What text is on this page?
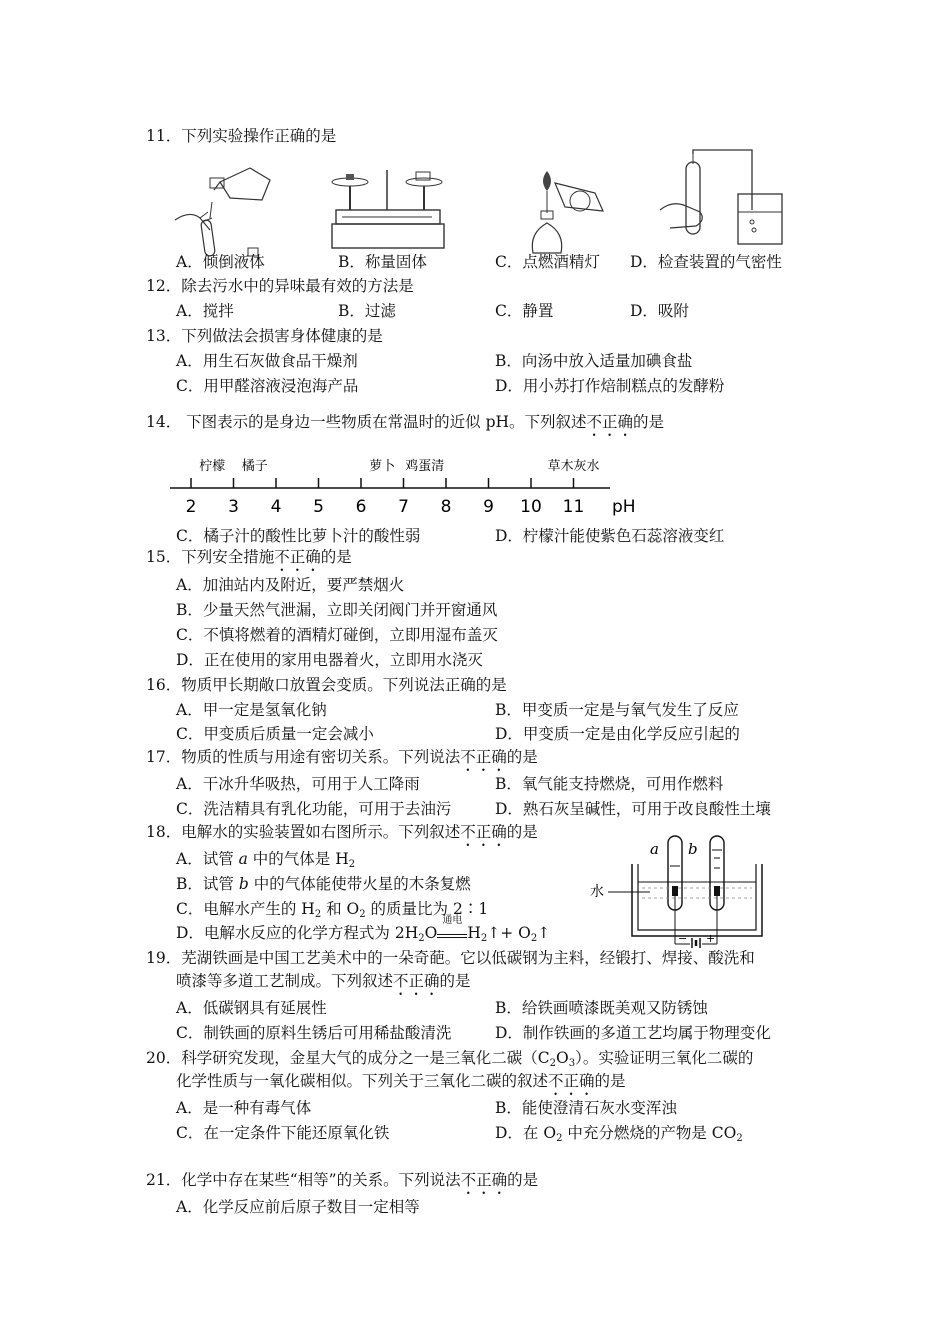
11．下列实验操作正确的是
A．倾倒液体	B．称量固体	C．点燃酒精灯 D．检查装置的气密性
12．除去污水中的异味最有效的方法是
A．搅拌	B．过滤	C．静置	D．吸附
13．下列做法会损害身体健康的是
A．用生石灰做食品干燥剂	B．向汤中放入适量加碘食盐
C．用甲醛溶液浸泡海产品	D．用小苏打作焙制糕点的发酵粉
14． 下图表示的是身边一些物质在常温时的近似 pH。下列叙述不正确的是
2 3 4 5 6 7 8 9 10 11
柠檬 橘子	萝卜 鸡蛋清	草木灰水
pH
C．橘子汁的酸性比萝卜汁的酸性弱	D．柠檬汁能使紫色石蕊溶液变红
15．下列安全措施不正确的是
A．加油站内及附近，要严禁烟火
B．少量天然气泄漏，立即关闭阀门并开窗通风
C．不慎将燃着的酒精灯碰倒，立即用湿布盖灭
D．正在使用的家用电器着火，立即用水浇灭
16．物质甲长期敞口放置会变质。下列说法正确的是
A．甲一定是氢氧化钠	B．甲变质一定是与氧气发生了反应
C．甲变质后质量一定会减小	D．甲变质一定是由化学反应引起的
17．物质的性质与用途有密切关系。下列说法不正确的是
A．干冰升华吸热，可用于人工降雨	B．氧气能支持燃烧，可用作燃料
C．洗洁精具有乳化功能，可用于去油污	D．熟石灰呈碱性，可用于改良酸性土壤
18．电解水的实验装置如右图所示。下列叙述不正确的是
A．试管 a 中的气体是 $H_2$
B．试管 b 中的气体能使带火星的木条复燃
C．电解水产生的 $H_2$ 和 $O_2$ 的质量比为 2∶1
D．电解水反应的化学方程式为 $2H_2O$
通电
$H_2↑+$ $O_2↑$
a b
水
− +
19．芜湖铁画是中国工艺美术中的一朵奇葩。它以低碳钢为主料，经锻打、焊接、酸洗和
喷漆等多道工艺制成。下列叙述不正确的是
A．低碳钢具有延展性	B．给铁画喷漆既美观又防锈蚀
C．制铁画的原料生锈后可用稀盐酸清洗	D．制作铁画的多道工艺均属于物理变化
20．科学研究发现，金星大气的成分之一是三氧化二碳$(C_2O_3)$。实验证明三氧化二碳的
化学性质与一氧化碳相似。下列关于三氧化二碳的叙述不正确的是
A．是一种有毒气体	B．能使澄清石灰水变浑浊
C．在一定条件下能还原氧化铁	D．在 $O_2$ 中充分燃烧的产物是 $CO_2$
21．化学中存在某些“相等”的关系。下列说法不正确的是
A．化学反应前后原子数目一定相等
